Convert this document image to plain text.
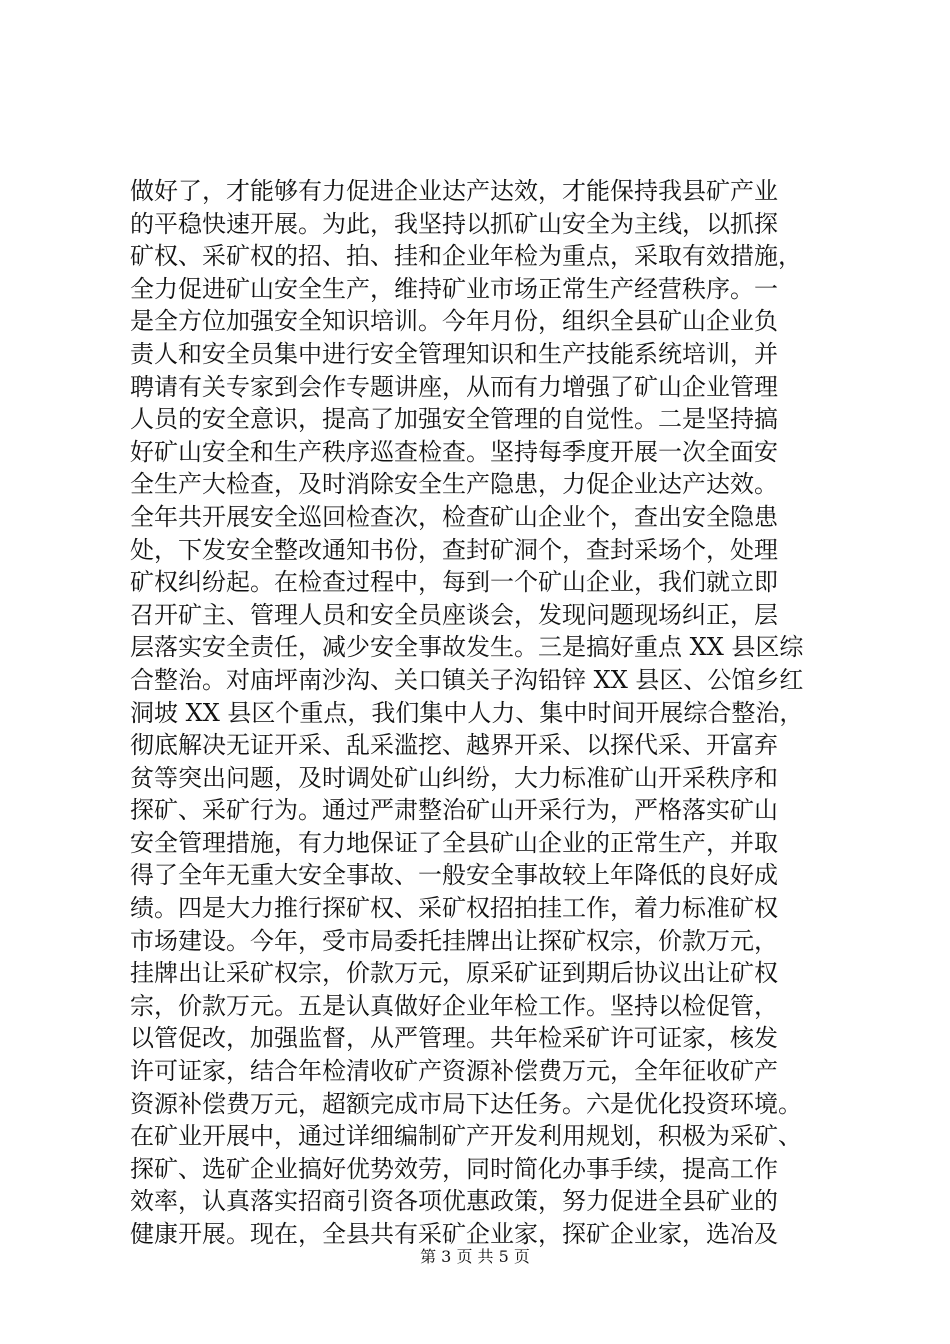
做好了，才能够有力促进企业达产达效，才能保持我县矿产业
的平稳快速开展。为此，我坚持以抓矿山安全为主线，以抓探
矿权、采矿权的招、拍、挂和企业年检为重点，采取有效措施，
全力促进矿山安全生产，维持矿业市场正常生产经营秩序。一
是全方位加强安全知识培训。今年月份，组织全县矿山企业负
责人和安全员集中进行安全管理知识和生产技能系统培训，并
聘请有关专家到会作专题讲座，从而有力增强了矿山企业管理
人员的安全意识，提高了加强安全管理的自觉性。二是坚持搞
好矿山安全和生产秩序巡查检查。坚持每季度开展一次全面安
全生产大检查，及时消除安全生产隐患，力促企业达产达效。
全年共开展安全巡回检查次，检查矿山企业个，查出安全隐患
处，下发安全整改通知书份，查封矿洞个，查封采场个，处理
矿权纠纷起。在检查过程中，每到一个矿山企业，我们就立即
召开矿主、管理人员和安全员座谈会，发现问题现场纠正，层
层落实安全责任，减少安全事故发生。三是搞好重点 XX 县区综
合整治。对庙坪南沙沟、关口镇关子沟铅锌 XX 县区、公馆乡红
洞坡 XX 县区个重点，我们集中人力、集中时间开展综合整治，
彻底解决无证开采、乱采滥挖、越界开采、以探代采、开富弃
贫等突出问题，及时调处矿山纠纷，大力标准矿山开采秩序和
探矿、采矿行为。通过严肃整治矿山开采行为，严格落实矿山
安全管理措施，有力地保证了全县矿山企业的正常生产，并取
得了全年无重大安全事故、一般安全事故较上年降低的良好成
绩。四是大力推行探矿权、采矿权招拍挂工作，着力标准矿权
市场建设。今年，受市局委托挂牌出让探矿权宗，价款万元，
挂牌出让采矿权宗，价款万元，原采矿证到期后协议出让矿权
宗，价款万元。五是认真做好企业年检工作。坚持以检促管，
以管促改，加强监督，从严管理。共年检采矿许可证家，核发
许可证家，结合年检清收矿产资源补偿费万元，全年征收矿产
资源补偿费万元，超额完成市局下达任务。六是优化投资环境。
在矿业开展中，通过详细编制矿产开发利用规划，积极为采矿、
探矿、选矿企业搞好优势效劳，同时简化办事手续，提高工作
效率，认真落实招商引资各项优惠政策，努力促进全县矿业的
健康开展。现在，全县共有采矿企业家，探矿企业家，选冶及
第 3 页 共 5 页
